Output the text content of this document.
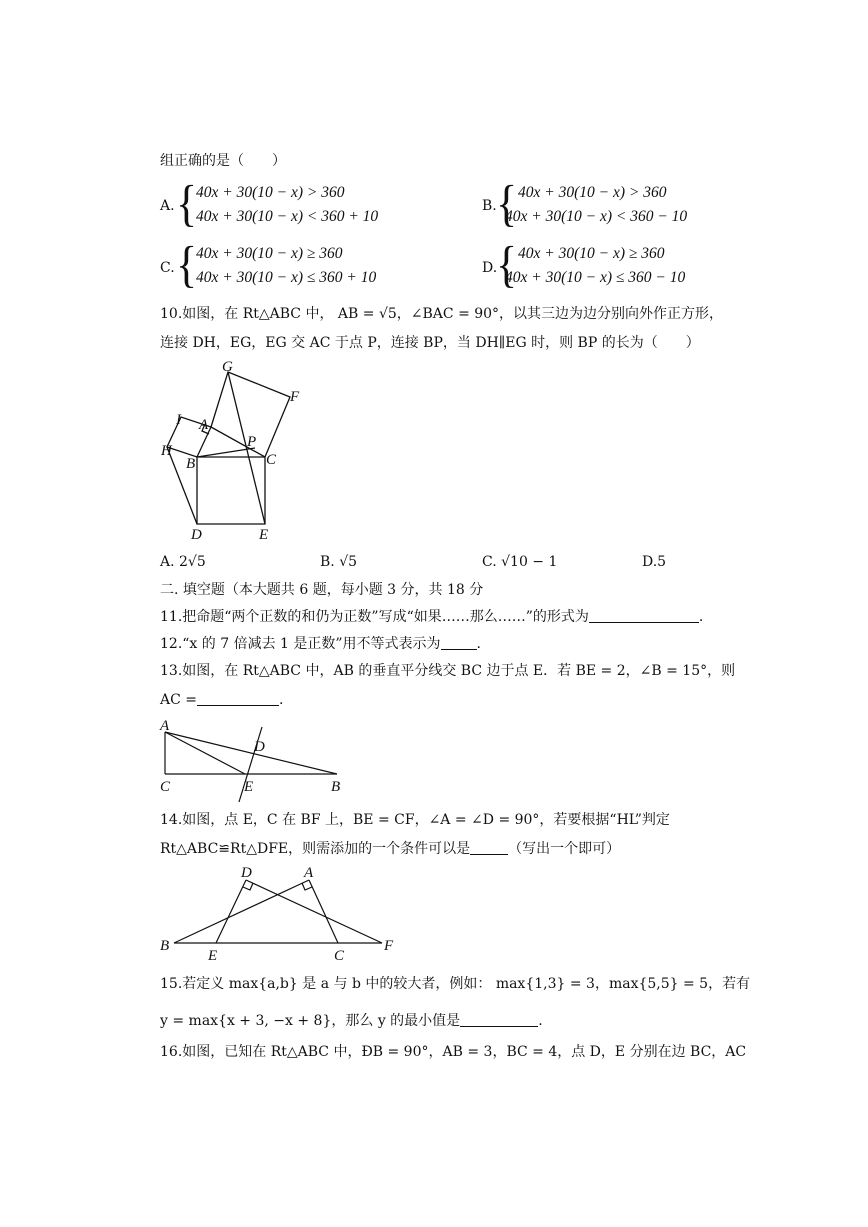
组正确的是（　　）
A. {
40x + 30(10 − x) > 360
40x + 30(10 − x) < 360 + 10
B. { 40x + 30(10 − x) > 360
40x + 30(10 − x) < 360 − 10
C. {
40x + 30(10 − x) ≥ 360
40x + 30(10 − x) ≤ 360 + 10
D.
{ 40x + 30(10 − x) ≥ 360
40x + 30(10 − x) ≤ 360 − 10
10.如图，在 Rt△ABC 中， AB = √5，∠BAC = 90°，以其三边为边分别向外作正方形，
连接 DH，EG，EG 交 AC 于点 P，连接 BP，当 DH∥EG 时，则 BP 的长为（　　）
G
F
I A
H
B
P
C
D	E
A
D
C	E	B
D	A
B
E	C
F
A. 2√5	B. √5	C. √10 − 1	D.5
二. 填空题（本大题共 6 题，每小题 3 分，共 18 分
11.把命题“两个正数的和仍为正数”写成“如果……那么……”的形式为	.
12.“x 的 7 倍减去 1 是正数”用不等式表示为	.
13.如图，在 Rt△ABC 中，AB 的垂直平分线交 BC 边于点 E．若 BE = 2，∠B = 15°，则
AC =	.
14.如图，点 E，C 在 BF 上，BE = CF，∠A = ∠D = 90°，若要根据“HL”判定
Rt△ABC≌Rt△DFE，则需添加的一个条件可以是	（写出一个即可）
15.若定义 max{a,b} 是 a 与 b 中的较大者，例如： max{1,3} = 3，max{5,5} = 5，若有
y = max{x + 3, −x + 8}，那么 y 的最小值是	.
16.如图，已知在 Rt△ABC 中，ÐB = 90°，AB = 3，BC = 4，点 D，E 分别在边 BC，AC
